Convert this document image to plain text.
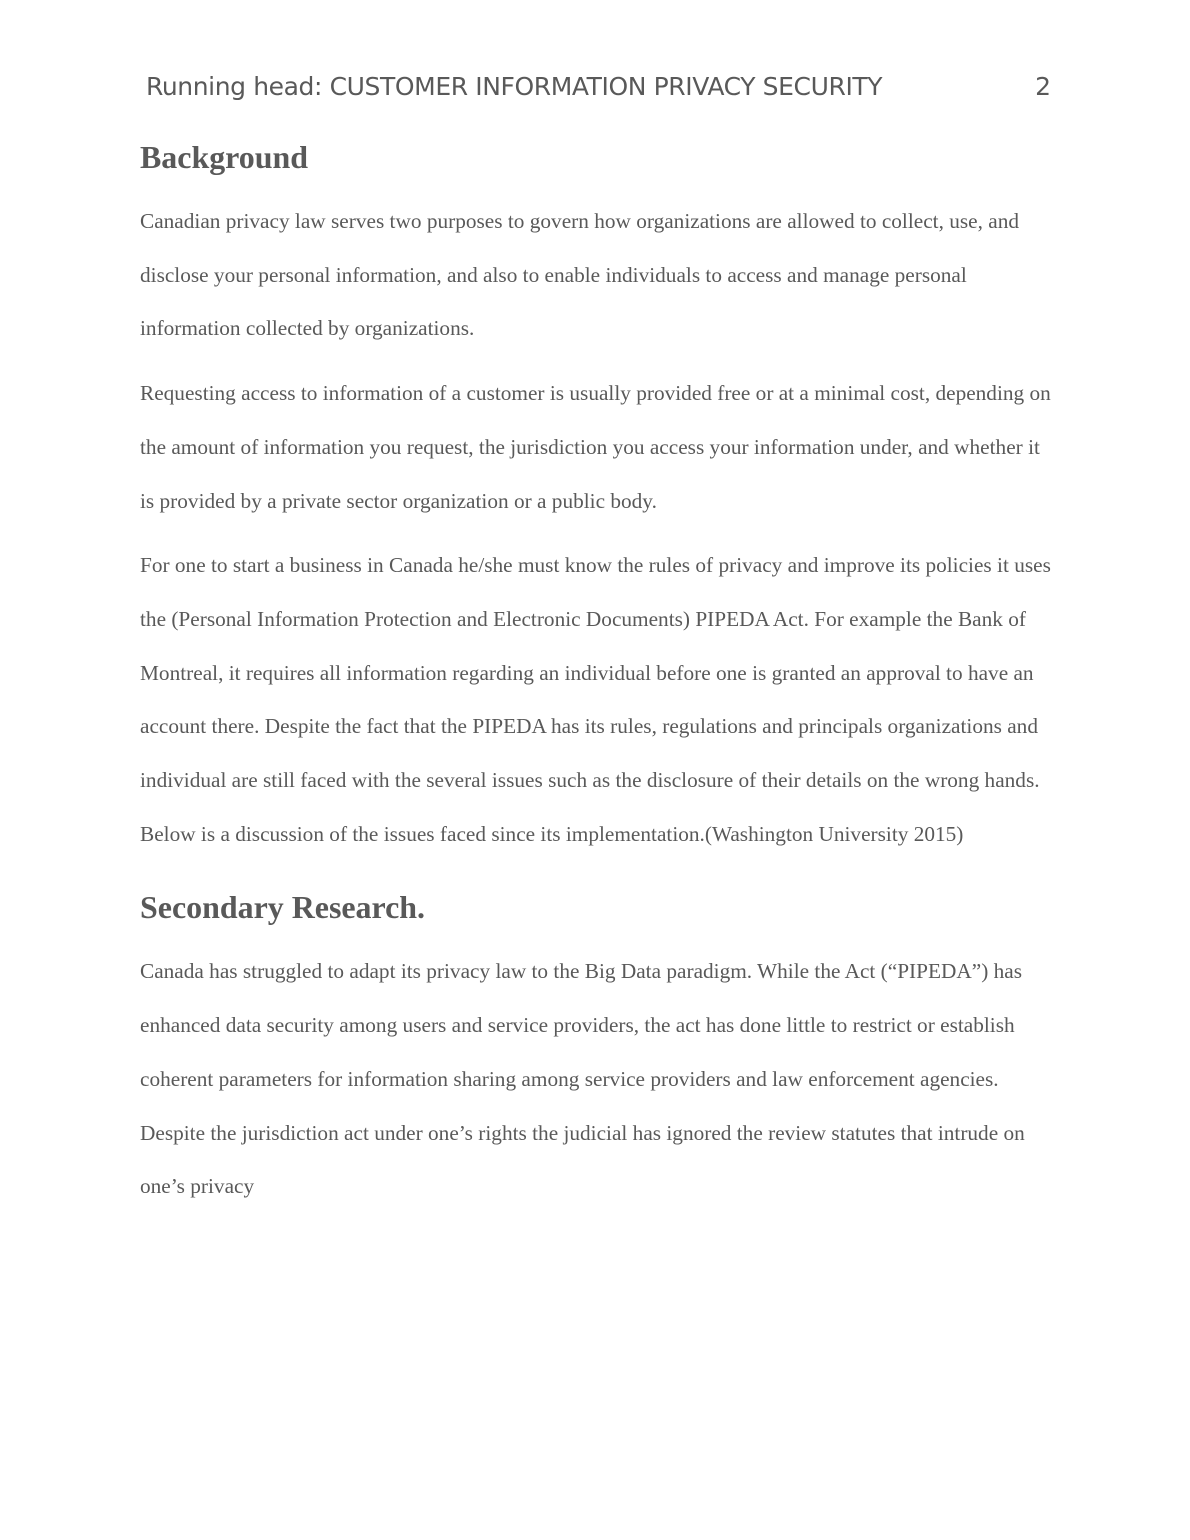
Running head: CUSTOMER INFORMATION PRIVACY SECURITY	2
Background

Canadian privacy law serves two purposes to govern how organizations are allowed to collect, use, and disclose your personal information, and also to enable individuals to access and manage personal information collected by organizations.

Requesting access to information of a customer is usually provided free or at a minimal cost, depending on the amount of information you request, the jurisdiction you access your information under, and whether it is provided by a private sector organization or a public body.

For one to start a business in Canada he/she must know the rules of privacy and improve its policies it uses the (Personal Information Protection and Electronic Documents) PIPEDA Act. For example the Bank of Montreal, it requires all information regarding an individual before one is granted an approval to have an account there. Despite the fact that the PIPEDA has its rules, regulations and principals organizations and individual are still faced with the several issues such as the disclosure of their details on the wrong hands. Below is a discussion of the issues faced since its implementation.(Washington University 2015)

Secondary Research.

Canada has struggled to adapt its privacy law to the Big Data paradigm. While the Act (“PIPEDA”) has enhanced data security among users and service providers, the act has done little to restrict or establish coherent parameters for information sharing among service providers and law enforcement agencies. Despite the jurisdiction act under one’s rights the judicial has ignored the review statutes that intrude on one’s privacy
